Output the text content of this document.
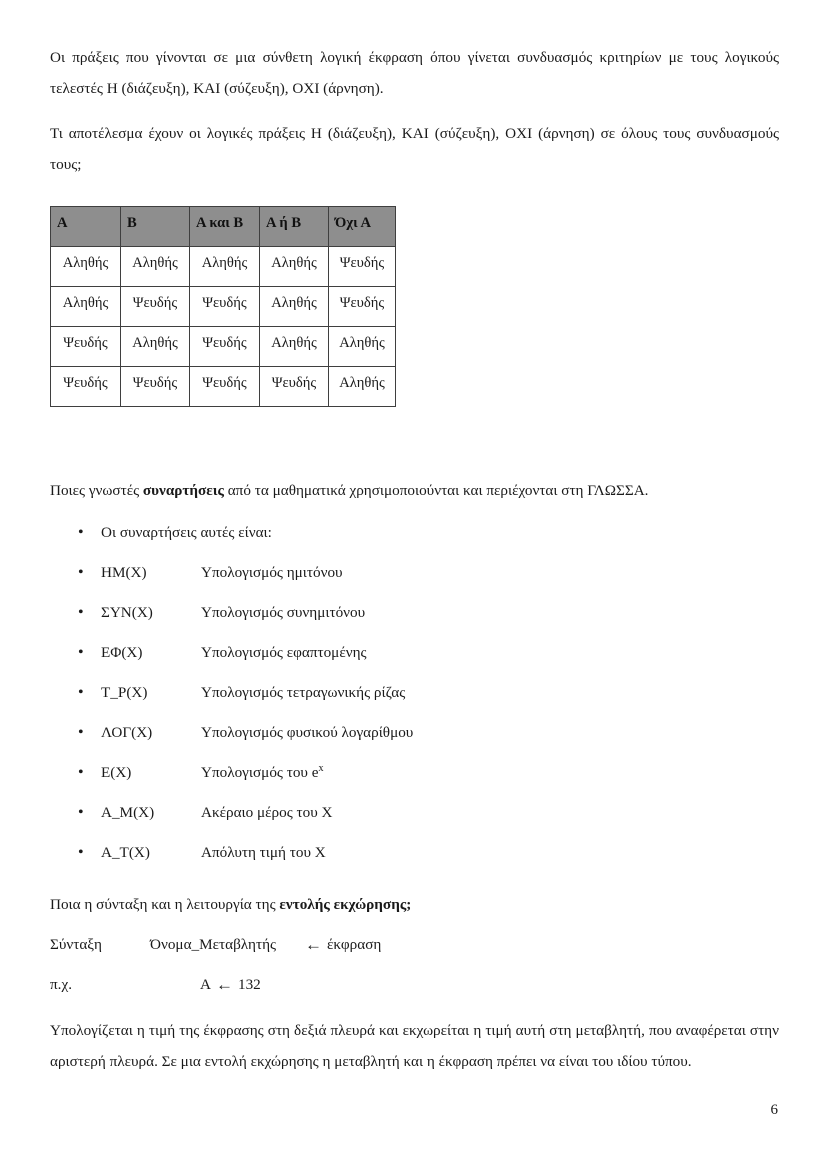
Οι πράξεις που γίνονται σε μια σύνθετη λογική έκφραση όπου γίνεται συνδυασμός κριτηρίων με τους λογικούς τελεστές Η (διάζευξη), ΚΑΙ (σύζευξη), ΟΧΙ (άρνηση).

Τι αποτέλεσμα έχουν οι λογικές πράξεις Η (διάζευξη), ΚΑΙ (σύζευξη), ΟΧΙ (άρνηση) σε όλους τους συνδυασμούς τους;

Α	Β	Α και Β	Α ή Β	Όχι Α
Αληθής	Αληθής	Αληθής	Αληθής	Ψευδής
Αληθής	Ψευδής	Ψευδής	Αληθής	Ψευδής
Ψευδής	Αληθής	Ψευδής	Αληθής	Αληθής
Ψευδής	Ψευδής	Ψευδής	Ψευδής	Αληθής

Ποιες γνωστές συναρτήσεις από τα μαθηματικά χρησιμοποιούνται και περιέχονται στη ΓΛΩΣΣΑ.

• Οι συναρτήσεις αυτές είναι:
• ΗΜ(Χ)	Υπολογισμός ημιτόνου
• ΣΥΝ(Χ)	Υπολογισμός συνημιτόνου
• ΕΦ(Χ)	Υπολογισμός εφαπτομένης
• Τ_Ρ(Χ)	Υπολογισμός τετραγωνικής ρίζας
• ΛΟΓ(Χ)	Υπολογισμός φυσικού λογαρίθμου
• Ε(Χ)	Υπολογισμός του $e^x$
• Α_Μ(Χ)	Ακέραιο μέρος του Χ
• Α_Τ(Χ)	Απόλυτη τιμή του Χ

Ποια η σύνταξη και η λειτουργία της εντολής εκχώρησης;

Σύνταξη	Όνομα_Μεταβλητής	← έκφραση
π.χ.	Α ← 132

Υπολογίζεται η τιμή της έκφρασης στη δεξιά πλευρά και εκχωρείται η τιμή αυτή στη μεταβλητή, που αναφέρεται στην αριστερή πλευρά. Σε μια εντολή εκχώρησης η μεταβλητή και η έκφραση πρέπει να είναι του ιδίου τύπου.

6
